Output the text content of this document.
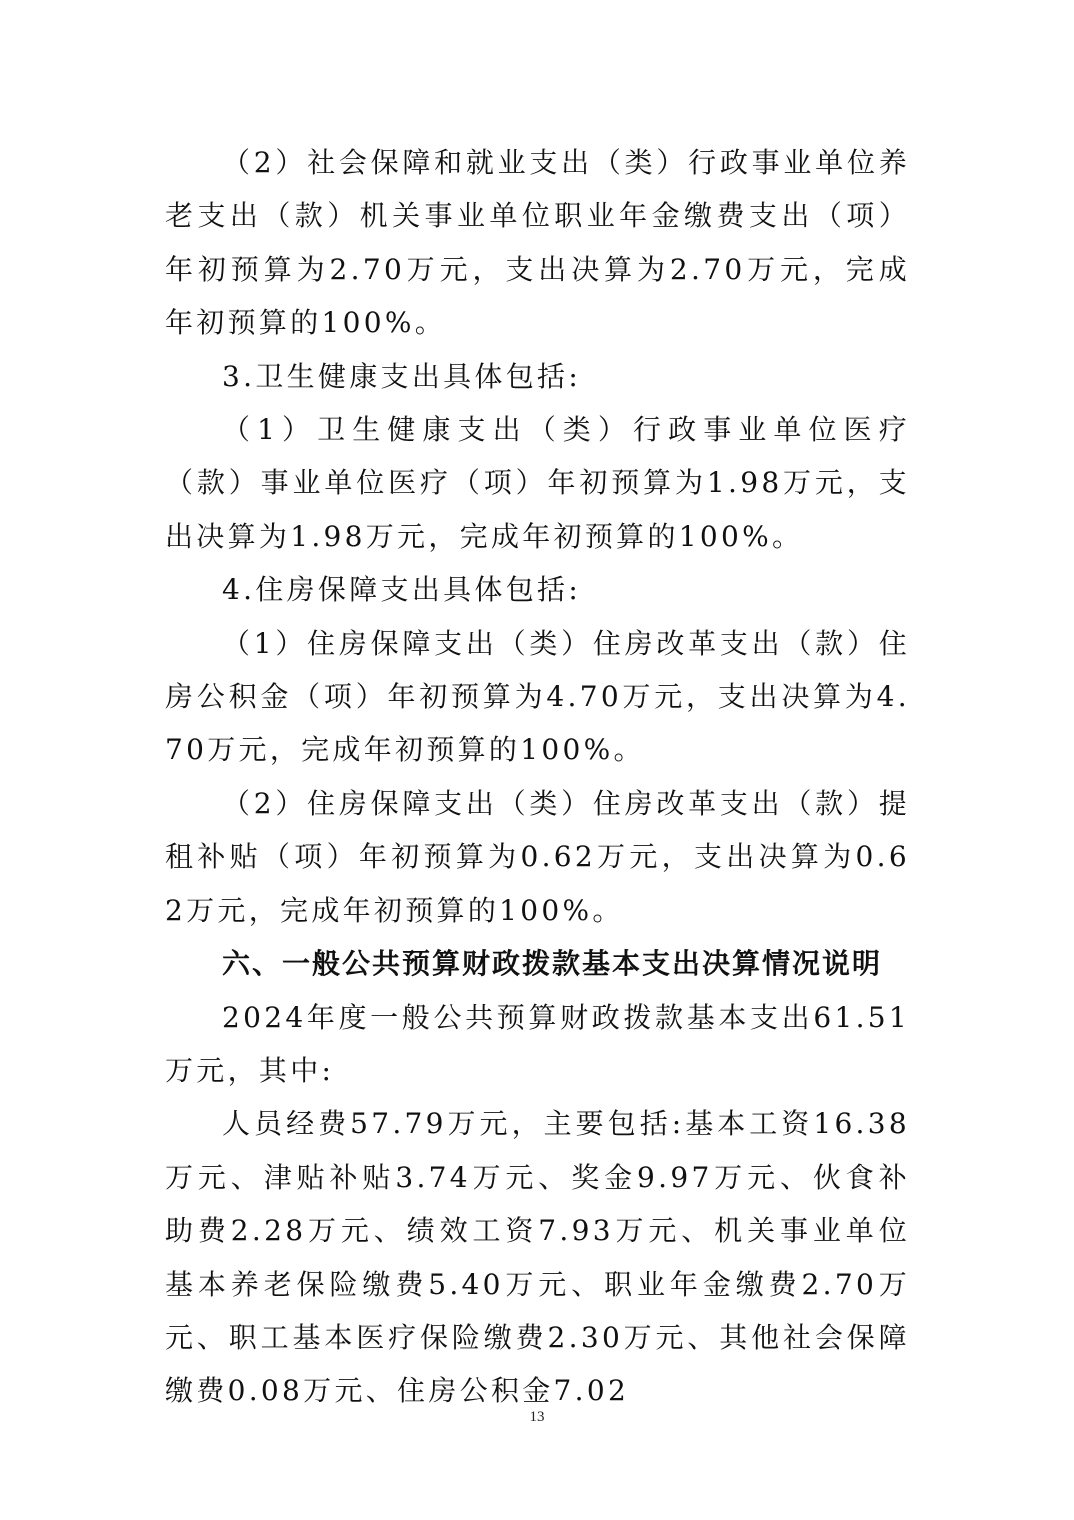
（2）社会保障和就业支出（类）行政事业单位养老支出（款）机关事业单位职业年金缴费支出（项）年初预算为2.70万元，支出决算为2.70万元，完成年初预算的100%。

3.卫生健康支出具体包括:

（1）卫生健康支出（类）行政事业单位医疗（款）事业单位医疗（项）年初预算为1.98万元，支出决算为1.98万元，完成年初预算的100%。

4.住房保障支出具体包括:

（1）住房保障支出（类）住房改革支出（款）住房公积金（项）年初预算为4.70万元，支出决算为4.70万元，完成年初预算的100%。

（2）住房保障支出（类）住房改革支出（款）提租补贴（项）年初预算为0.62万元，支出决算为0.62万元，完成年初预算的100%。

六、一般公共预算财政拨款基本支出决算情况说明

2024年度一般公共预算财政拨款基本支出61.51万元，其中:

人员经费57.79万元，主要包括:基本工资16.38万元、津贴补贴3.74万元、奖金9.97万元、伙食补助费2.28万元、绩效工资7.93万元、机关事业单位基本养老保险缴费5.40万元、职业年金缴费2.70万元、职工基本医疗保险缴费2.30万元、其他社会保障缴费0.08万元、住房公积金7.02

13
